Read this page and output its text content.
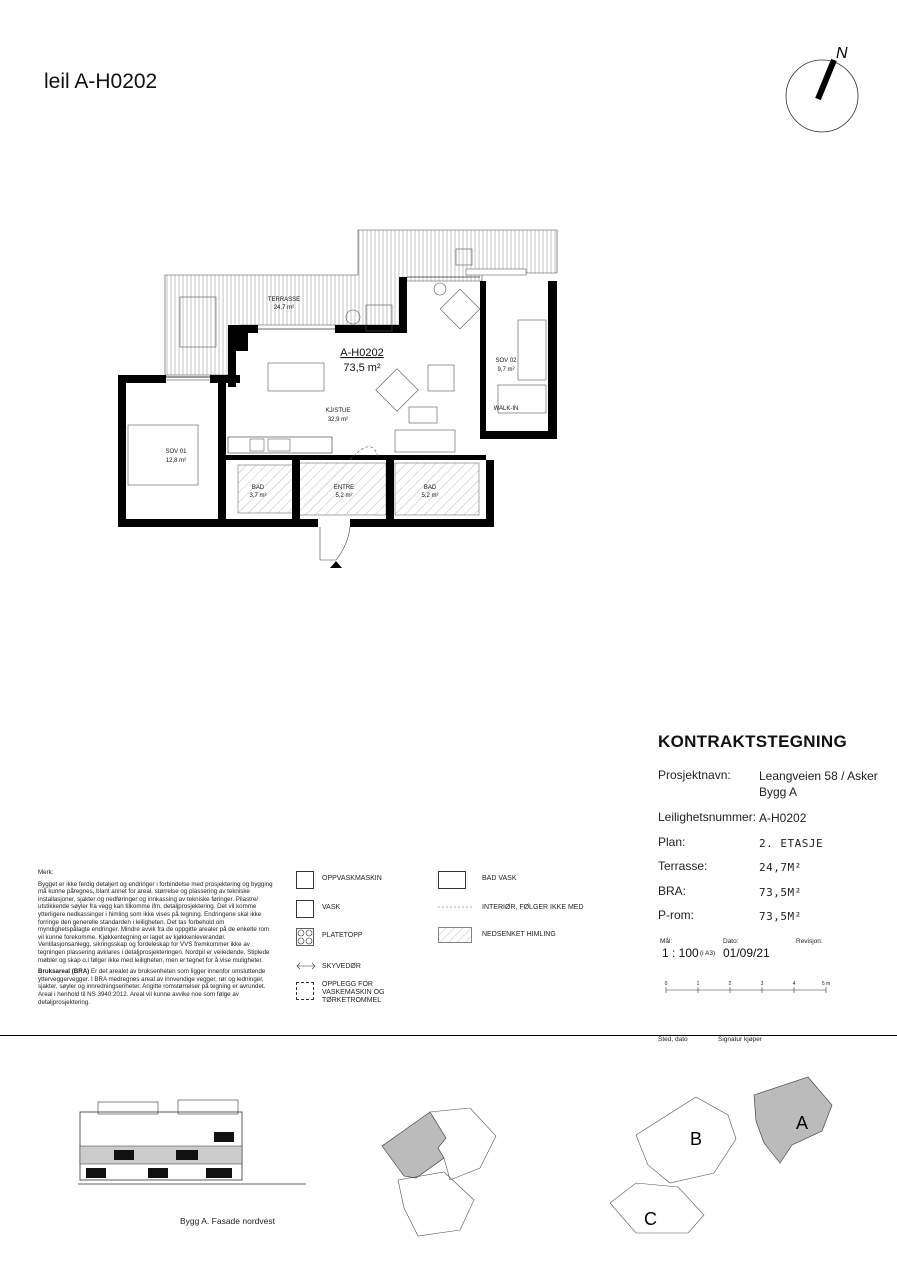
leil A-H0202
N
TERRASSE
24,7 m²
A-H0202
73,5 m²
KJ/STUE
32,9 m²
SOV 01
12,8 m²
SOV 02
9,7 m²
WALK-IN
BAD
3,7 m²
ENTRE
5,2 m²
BAD
5,2 m²
KONTRAKTSTEGNING
Prosjektnavn: Leangveien 58 / Asker Bygg A
Leilighetsnummer: A-H0202
Plan:	2. ETASJE
Terrasse:	24,7M²
BRA:	73,5M²
P-rom:	73,5M²
Mål:
1 : 100 (i A3)
Dato:
01/09/21
Revisjon:
0	1	2	3	4	5 m

Merk:

Bygget er ikke ferdig detaljert og endringer i forbindelse med prosjektering og bygging må kunne påregnes, blant annet for areal, størrelse og plassering av tekniske installasjoner, sjakter og nedføringer og innkassing av tekniske føringer. Pilastre/ utstikkende søyler fra vegg kan tilkomme ifm. detaljprosjektering. Det vil komme ytterligere nedkassinger i himling som ikke vises på tegning. Endringene skal ikke forringe den generelle standarden i leiligheten. Det tas forbehold om myndighetspålagte endringer. Mindre avvik fra de oppgitte arealer på de enkelte rom vil kunne forekomme. Kjøkkentegning er laget av kjøkkenleverandør. Ventilasjonsanlegg, sikringsskap og fordeleskap for VVS fremkommer ikke av tegningen plassering avklares i detaljprosjekteringen. Nordpil er veiledende. Stiplede møbler og skap o.l følger ikke med leiligheten, men er tegnet for å vise muligheter.

Bruksareal (BRA) Er det arealet av bruksenheten som ligger innenfor omsluttende ytterveggervegger. I BRA medregnes areal av innvendige vegger, rør og ledninger, sjakter, søyler og innredningsenheter. Angitte romstørrelser på tegning er avrundet. Areal i henhold til NS 3940:2012. Areal vil kunne avvike noe som følge av detaljprosjektering.

OPPVASKMASKIN
VASK
PLATETOPP
SKYVEDØR
OPPLEGG FOR VASKEMASKIN OG TØRKETROMMEL
BAD VASK
INTERIØR, FØLGER IKKE MED
NEDSENKET HIMLING
Sted, dato	Signatur kjøper
Bygg A. Fasade nordvest
A
B
C
